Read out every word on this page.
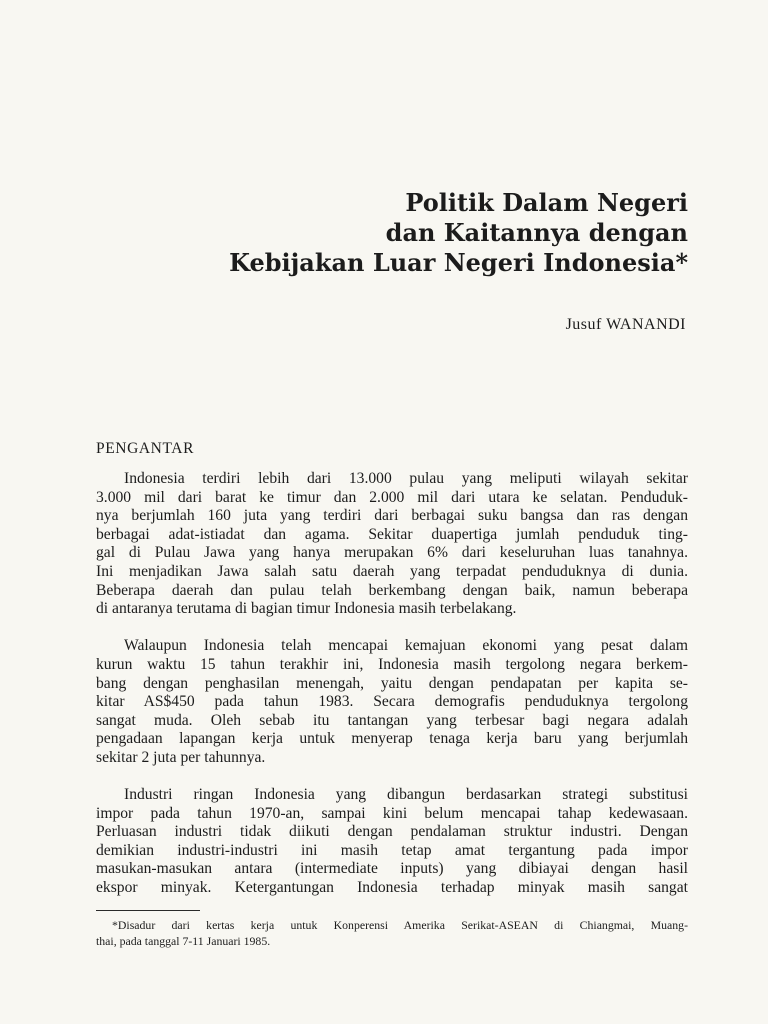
Politik Dalam Negeri
dan Kaitannya dengan
Kebijakan Luar Negeri Indonesia*
Jusuf WANANDI
PENGANTAR
Indonesia terdiri lebih dari 13.000 pulau yang meliputi wilayah sekitar
3.000 mil dari barat ke timur dan 2.000 mil dari utara ke selatan. Penduduk-
nya berjumlah 160 juta yang terdiri dari berbagai suku bangsa dan ras dengan
berbagai adat-istiadat dan agama. Sekitar duapertiga jumlah penduduk ting-
gal di Pulau Jawa yang hanya merupakan 6% dari keseluruhan luas tanahnya.
Ini menjadikan Jawa salah satu daerah yang terpadat penduduknya di dunia.
Beberapa daerah dan pulau telah berkembang dengan baik, namun beberapa
di antaranya terutama di bagian timur Indonesia masih terbelakang.
Walaupun Indonesia telah mencapai kemajuan ekonomi yang pesat dalam
kurun waktu 15 tahun terakhir ini, Indonesia masih tergolong negara berkem-
bang dengan penghasilan menengah, yaitu dengan pendapatan per kapita se-
kitar AS$450 pada tahun 1983. Secara demografis penduduknya tergolong
sangat muda. Oleh sebab itu tantangan yang terbesar bagi negara adalah
pengadaan lapangan kerja untuk menyerap tenaga kerja baru yang berjumlah
sekitar 2 juta per tahunnya.
Industri ringan Indonesia yang dibangun berdasarkan strategi substitusi
impor pada tahun 1970-an, sampai kini belum mencapai tahap kedewasaan.
Perluasan industri tidak diikuti dengan pendalaman struktur industri. Dengan
demikian industri-industri ini masih tetap amat tergantung pada impor
masukan-masukan antara (intermediate inputs) yang dibiayai dengan hasil
ekspor minyak. Ketergantungan Indonesia terhadap minyak masih sangat
*Disadur dari kertas kerja untuk Konperensi Amerika Serikat-ASEAN di Chiangmai, Muang-
thai, pada tanggal 7-11 Januari 1985.
